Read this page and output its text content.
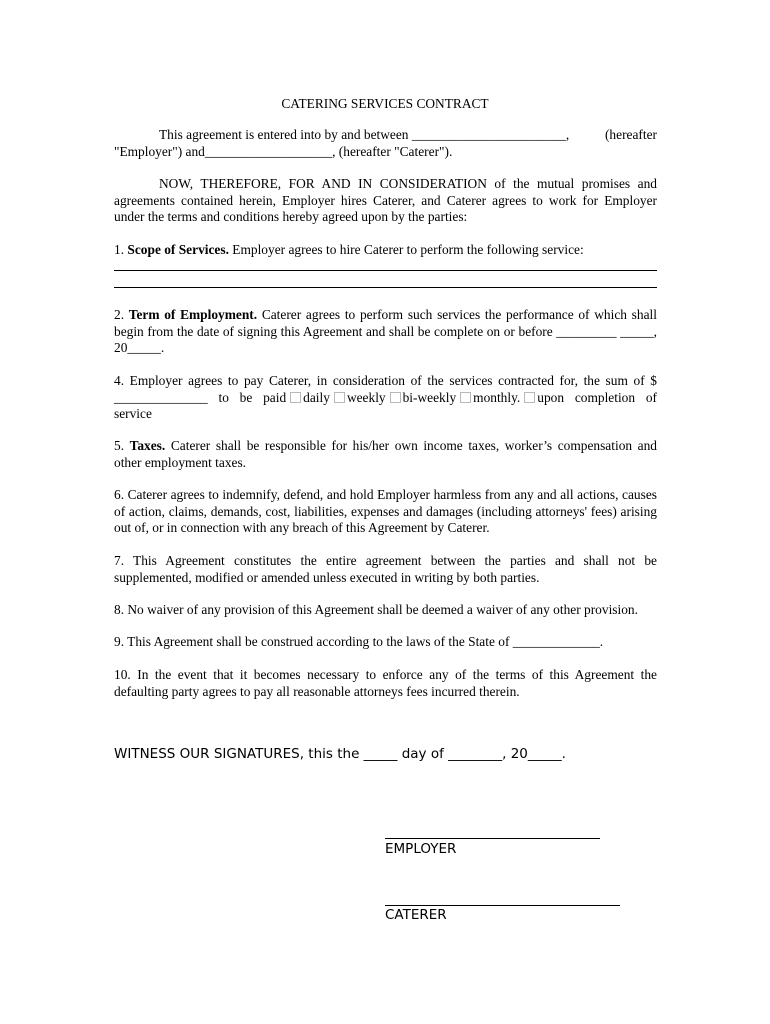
CATERING SERVICES CONTRACT
This agreement is entered into by and between _______________________,	(hereafter
"Employer") and___________________, (hereafter "Caterer").
NOW, THEREFORE, FOR AND IN CONSIDERATION of the mutual promises and agreements contained herein, Employer hires Caterer, and Caterer agrees to work for Employer under the terms and conditions hereby agreed upon by the parties:
1. Scope of Services. Employer agrees to hire Caterer to perform the following service:
2. Term of Employment. Caterer agrees to perform such services the performance of which shall begin from the date of signing this Agreement and shall be complete on or before _________ _____, 20_____.
4. Employer agrees to pay Caterer, in consideration of the services contracted for, the sum of $ ______________ to be paid daily weekly bi-weekly monthly. upon completion of service
5. Taxes. Caterer shall be responsible for his/her own income taxes, worker’s compensation and other employment taxes.
6. Caterer agrees to indemnify, defend, and hold Employer harmless from any and all actions, causes of action, claims, demands, cost, liabilities, expenses and damages (including attorneys' fees) arising out of, or in connection with any breach of this Agreement by Caterer.
7. This Agreement constitutes the entire agreement between the parties and shall not be supplemented, modified or amended unless executed in writing by both parties.
8. No waiver of any provision of this Agreement shall be deemed a waiver of any other provision.
9. This Agreement shall be construed according to the laws of the State of _____________.
10. In the event that it becomes necessary to enforce any of the terms of this Agreement the defaulting party agrees to pay all reasonable attorneys fees incurred therein.
WITNESS OUR SIGNATURES, this the _____ day of ________, 20_____.
EMPLOYER
CATERER
